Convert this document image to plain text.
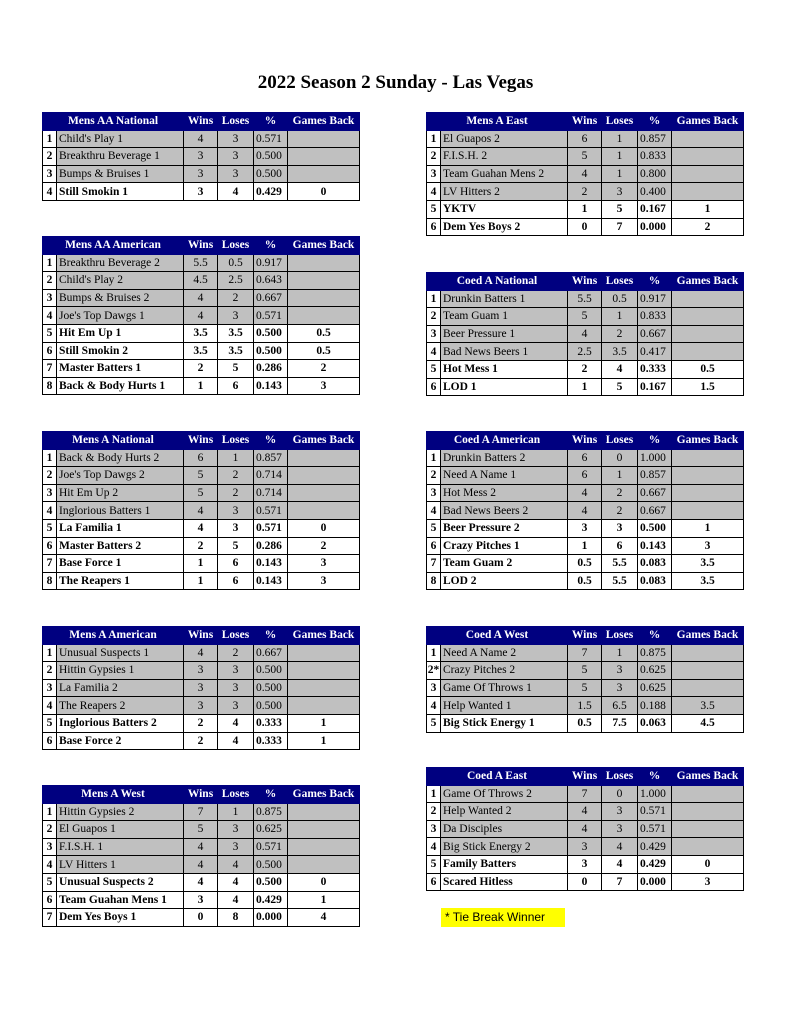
2022 Season 2 Sunday - Las Vegas
Mens AA National		Wins	Loses	%	Games Back
1	Child's Play 1	4	3	0.571	
2	Breakthru Beverage 1	3	3	0.500	
3	Bumps & Bruises 1	3	3	0.500	
4	Still Smokin 1	3	4	0.429	0
Mens AA American		Wins	Loses	%	Games Back
1	Breakthru Beverage 2	5.5	0.5	0.917	
2	Child's Play 2	4.5	2.5	0.643	
3	Bumps & Bruises 2	4	2	0.667	
4	Joe's Top Dawgs 1	4	3	0.571	
5	Hit Em Up 1	3.5	3.5	0.500	0.5
6	Still Smokin 2	3.5	3.5	0.500	0.5
7	Master Batters 1	2	5	0.286	2
8	Back & Body Hurts 1	1	6	0.143	3
Mens A National		Wins	Loses	%	Games Back
1	Back & Body Hurts 2	6	1	0.857	
2	Joe's Top Dawgs 2	5	2	0.714	
3	Hit Em Up 2	5	2	0.714	
4	Inglorious Batters 1	4	3	0.571	
5	La Familia 1	4	3	0.571	0
6	Master Batters 2	2	5	0.286	2
7	Base Force 1	1	6	0.143	3
8	The Reapers 1	1	6	0.143	3
Mens A American		Wins	Loses	%	Games Back
1	Unusual Suspects 1	4	2	0.667	
2	Hittin Gypsies 1	3	3	0.500	
3	La Familia 2	3	3	0.500	
4	The Reapers 2	3	3	0.500	
5	Inglorious Batters 2	2	4	0.333	1
6	Base Force 2	2	4	0.333	1
Mens A West		Wins	Loses	%	Games Back
1	Hittin Gypsies 2	7	1	0.875	
2	El Guapos 1	5	3	0.625	
3	F.I.S.H. 1	4	3	0.571	
4	LV Hitters 1	4	4	0.500	
5	Unusual Suspects 2	4	4	0.500	0
6	Team Guahan Mens 1	3	4	0.429	1
7	Dem Yes Boys 1	0	8	0.000	4
Mens A East		Wins	Loses	%	Games Back
1	El Guapos 2	6	1	0.857	
2	F.I.S.H. 2	5	1	0.833	
3	Team Guahan Mens 2	4	1	0.800	
4	LV Hitters 2	2	3	0.400	
5	YKTV	1	5	0.167	1
6	Dem Yes Boys 2	0	7	0.000	2
Coed A National		Wins	Loses	%	Games Back
1	Drunkin Batters 1	5.5	0.5	0.917	
2	Team Guam 1	5	1	0.833	
3	Beer Pressure 1	4	2	0.667	
4	Bad News Beers 1	2.5	3.5	0.417	
5	Hot Mess 1	2	4	0.333	0.5
6	LOD 1	1	5	0.167	1.5
Coed A American		Wins	Loses	%	Games Back
1	Drunkin Batters 2	6	0	1.000	
2	Need A Name 1	6	1	0.857	
3	Hot Mess 2	4	2	0.667	
4	Bad News Beers 2	4	2	0.667	
5	Beer Pressure 2	3	3	0.500	1
6	Crazy Pitches 1	1	6	0.143	3
7	Team Guam 2	0.5	5.5	0.083	3.5
8	LOD 2	0.5	5.5	0.083	3.5
Coed A West		Wins	Loses	%	Games Back
1	Need A Name 2	7	1	0.875	
2*	Crazy Pitches 2	5	3	0.625	
3	Game Of Throws 1	5	3	0.625	
4	Help Wanted 1	1.5	6.5	0.188	3.5
5	Big Stick Energy 1	0.5	7.5	0.063	4.5
Coed A East		Wins	Loses	%	Games Back
1	Game Of Throws 2	7	0	1.000	
2	Help Wanted 2	4	3	0.571	
3	Da Disciples	4	3	0.571	
4	Big Stick Energy 2	3	4	0.429	
5	Family Batters	3	4	0.429	0
6	Scared Hitless	0	7	0.000	3
* Tie Break Winner
